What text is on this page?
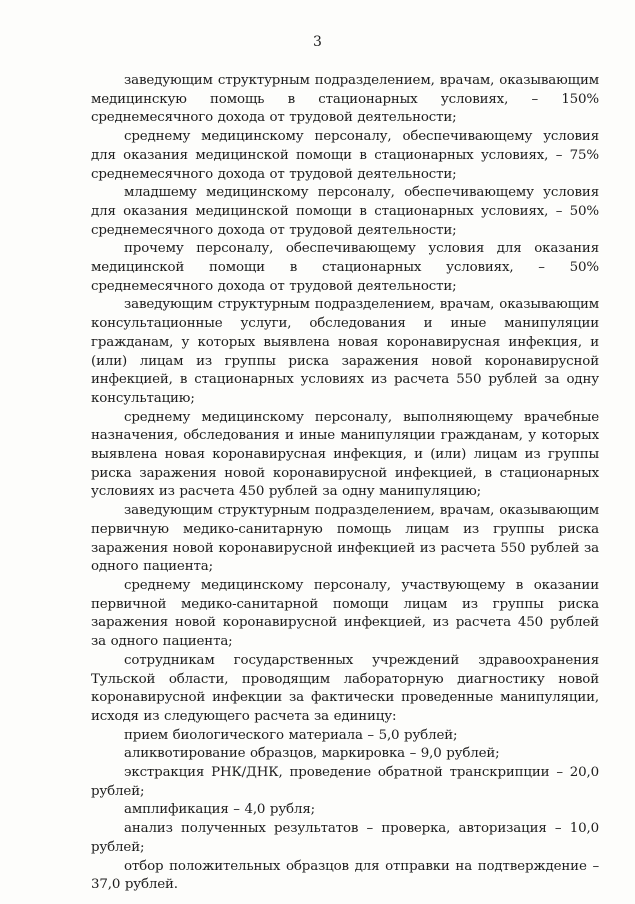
3

заведующим структурным подразделением, врачам, оказывающим медицинскую помощь в стационарных условиях, – 150% среднемесячного дохода от трудовой деятельности;

среднему медицинскому персоналу, обеспечивающему условия для оказания медицинской помощи в стационарных условиях, – 75% среднемесячного дохода от трудовой деятельности;

младшему медицинскому персоналу, обеспечивающему условия для оказания медицинской помощи в стационарных условиях, – 50% среднемесячного дохода от трудовой деятельности;

прочему персоналу, обеспечивающему условия для оказания медицинской помощи в стационарных условиях, – 50% среднемесячного дохода от трудовой деятельности;

заведующим структурным подразделением, врачам, оказывающим консультационные услуги, обследования и иные манипуляции гражданам, у которых выявлена новая коронавирусная инфекция, и (или) лицам из группы риска заражения новой коронавирусной инфекцией, в стационарных условиях из расчета 550 рублей за одну консультацию;

среднему медицинскому персоналу, выполняющему врачебные назначения, обследования и иные манипуляции гражданам, у которых выявлена новая коронавирусная инфекция, и (или) лицам из группы риска заражения новой коронавирусной инфекцией, в стационарных условиях из расчета 450 рублей за одну манипуляцию;

заведующим структурным подразделением, врачам, оказывающим первичную медико-санитарную помощь лицам из группы риска заражения новой коронавирусной инфекцией из расчета 550 рублей за одного пациента;

среднему медицинскому персоналу, участвующему в оказании первичной медико-санитарной помощи лицам из группы риска заражения новой коронавирусной инфекцией, из расчета 450 рублей за одного пациента;

сотрудникам государственных учреждений здравоохранения Тульской области, проводящим лабораторную диагностику новой коронавирусной инфекции за фактически проведенные манипуляции, исходя из следующего расчета за единицу:

прием биологического материала – 5,0 рублей;

аликвотирование образцов, маркировка – 9,0 рублей;

экстракция РНК/ДНК, проведение обратной транскрипции – 20,0 рублей;

амплификация – 4,0 рубля;

анализ полученных результатов – проверка, авторизация – 10,0 рублей;

отбор положительных образцов для отправки на подтверждение – 37,0 рублей.
